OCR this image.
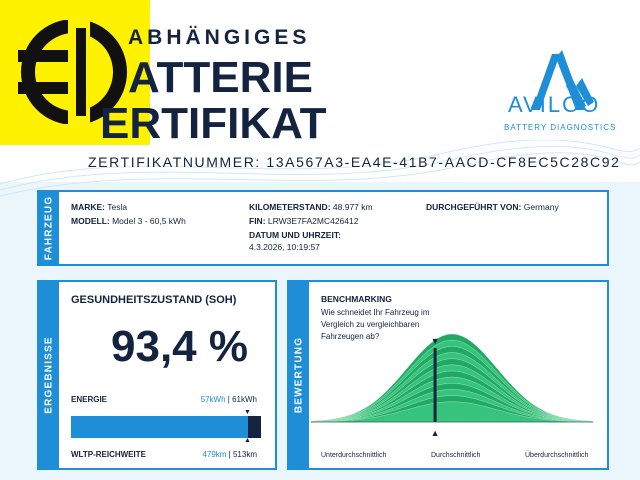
ABHÄNGIGES
ATTERIE
ERTIFIKAT
ZERTIFIKATNUMMER: 13A567A3-EA4E-41B7-AACD-CF8EC5C28C92
AVILOO
BATTERY DIAGNOSTICS
FAHRZEUG MARKE: Tesla
MODELL: Model 3 - 60,5 kWh
KILOMETERSTAND: 48.977 km
FIN: LRW3E7FA2MC426412
DATUM UND UHRZEIT:
4.3.2026, 10:19:57
DURCHGEFÜHRT VON: Germany
ERGEBNISSE
GESUNDHEITSZUSTAND (SOH)
93,4 %
ENERGIE	57kWh | 61kWh
▼
▲
WLTP-REICHWEITE	479km | 513km
BEWERTUNG	▼
▲
BENCHMARKING
Wie schneidet Ihr Fahrzeug im Vergleich zu vergleichbaren Fahrzeugen ab?
Unterdurchschnittlich	Durchschnittlich	Überdurchschnittlich
